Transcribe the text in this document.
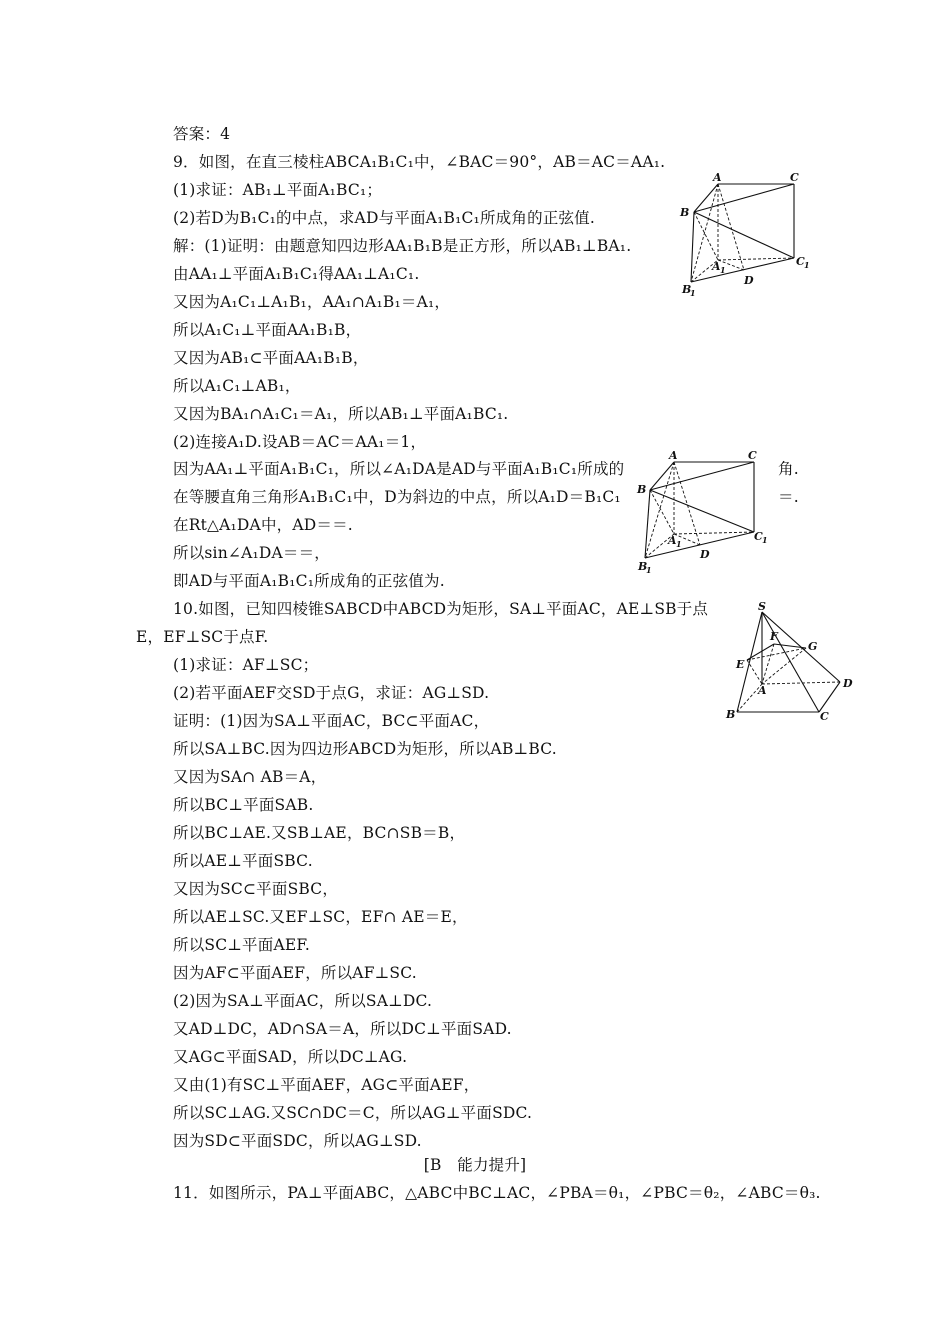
答案：4
9．如图，在直三棱柱ABCA₁B₁C₁中，∠BAC＝90°，AB＝AC＝AA₁.
(1)求证：AB₁⊥平面A₁BC₁；
(2)若D为B₁C₁的中点，求AD与平面A₁B₁C₁所成角的正弦值.
解：(1)证明：由题意知四边形AA₁B₁B是正方形，所以AB₁⊥BA₁.
由AA₁⊥平面A₁B₁C₁得AA₁⊥A₁C₁.
又因为A₁C₁⊥A₁B₁，AA₁∩A₁B₁＝A₁，
所以A₁C₁⊥平面AA₁B₁B，
又因为AB₁⊂平面AA₁B₁B，
所以A₁C₁⊥AB₁，
又因为BA₁∩A₁C₁＝A₁，所以AB₁⊥平面A₁BC₁.
(2)连接A₁D.设AB＝AC＝AA₁＝1，
因为AA₁⊥平面A₁B₁C₁，所以∠A₁DA是AD与平面A₁B₁C₁所成的	角.
在等腰直角三角形A₁B₁C₁中，D为斜边的中点，所以A₁D＝B₁C₁	＝.
在Rt△A₁DA中，AD＝＝.
所以sin∠A₁DA＝＝，
即AD与平面A₁B₁C₁所成角的正弦值为.
10.如图，已知四棱锥SABCD中ABCD为矩形，SA⊥平面AC，AE⊥SB于点
E，EF⊥SC于点F.
(1)求证：AF⊥SC；
(2)若平面AEF交SD于点G，求证：AG⊥SD.
证明：(1)因为SA⊥平面AC，BC⊂平面AC，
所以SA⊥BC.因为四边形ABCD为矩形，所以AB⊥BC.
又因为SA∩ AB＝A，
所以BC⊥平面SAB.
所以BC⊥AE.又SB⊥AE，BC∩SB＝B，
所以AE⊥平面SBC.
又因为SC⊂平面SBC，
所以AE⊥SC.又EF⊥SC，EF∩ AE＝E，
所以SC⊥平面AEF.
因为AF⊂平面AEF，所以AF⊥SC.
(2)因为SA⊥平面AC，所以SA⊥DC.
又AD⊥DC，AD∩SA＝A，所以DC⊥平面SAD.
又AG⊂平面SAD，所以DC⊥AG.
又由(1)有SC⊥平面AEF，AG⊂平面AEF，
所以SC⊥AG.又SC∩DC＝C，所以AG⊥平面SDC.
因为SD⊂平面SDC，所以AG⊥SD.
[B　能力提升]
11．如图所示，PA⊥平面ABC，△ABC中BC⊥AC，∠PBA＝θ₁，∠PBC＝θ₂，∠ABC＝θ₃.
A	C
B
A 1
C 1
D
B
1
A	C
B
A 1
C 1
D
B
1
S
F
G
E
A
D
B	C
